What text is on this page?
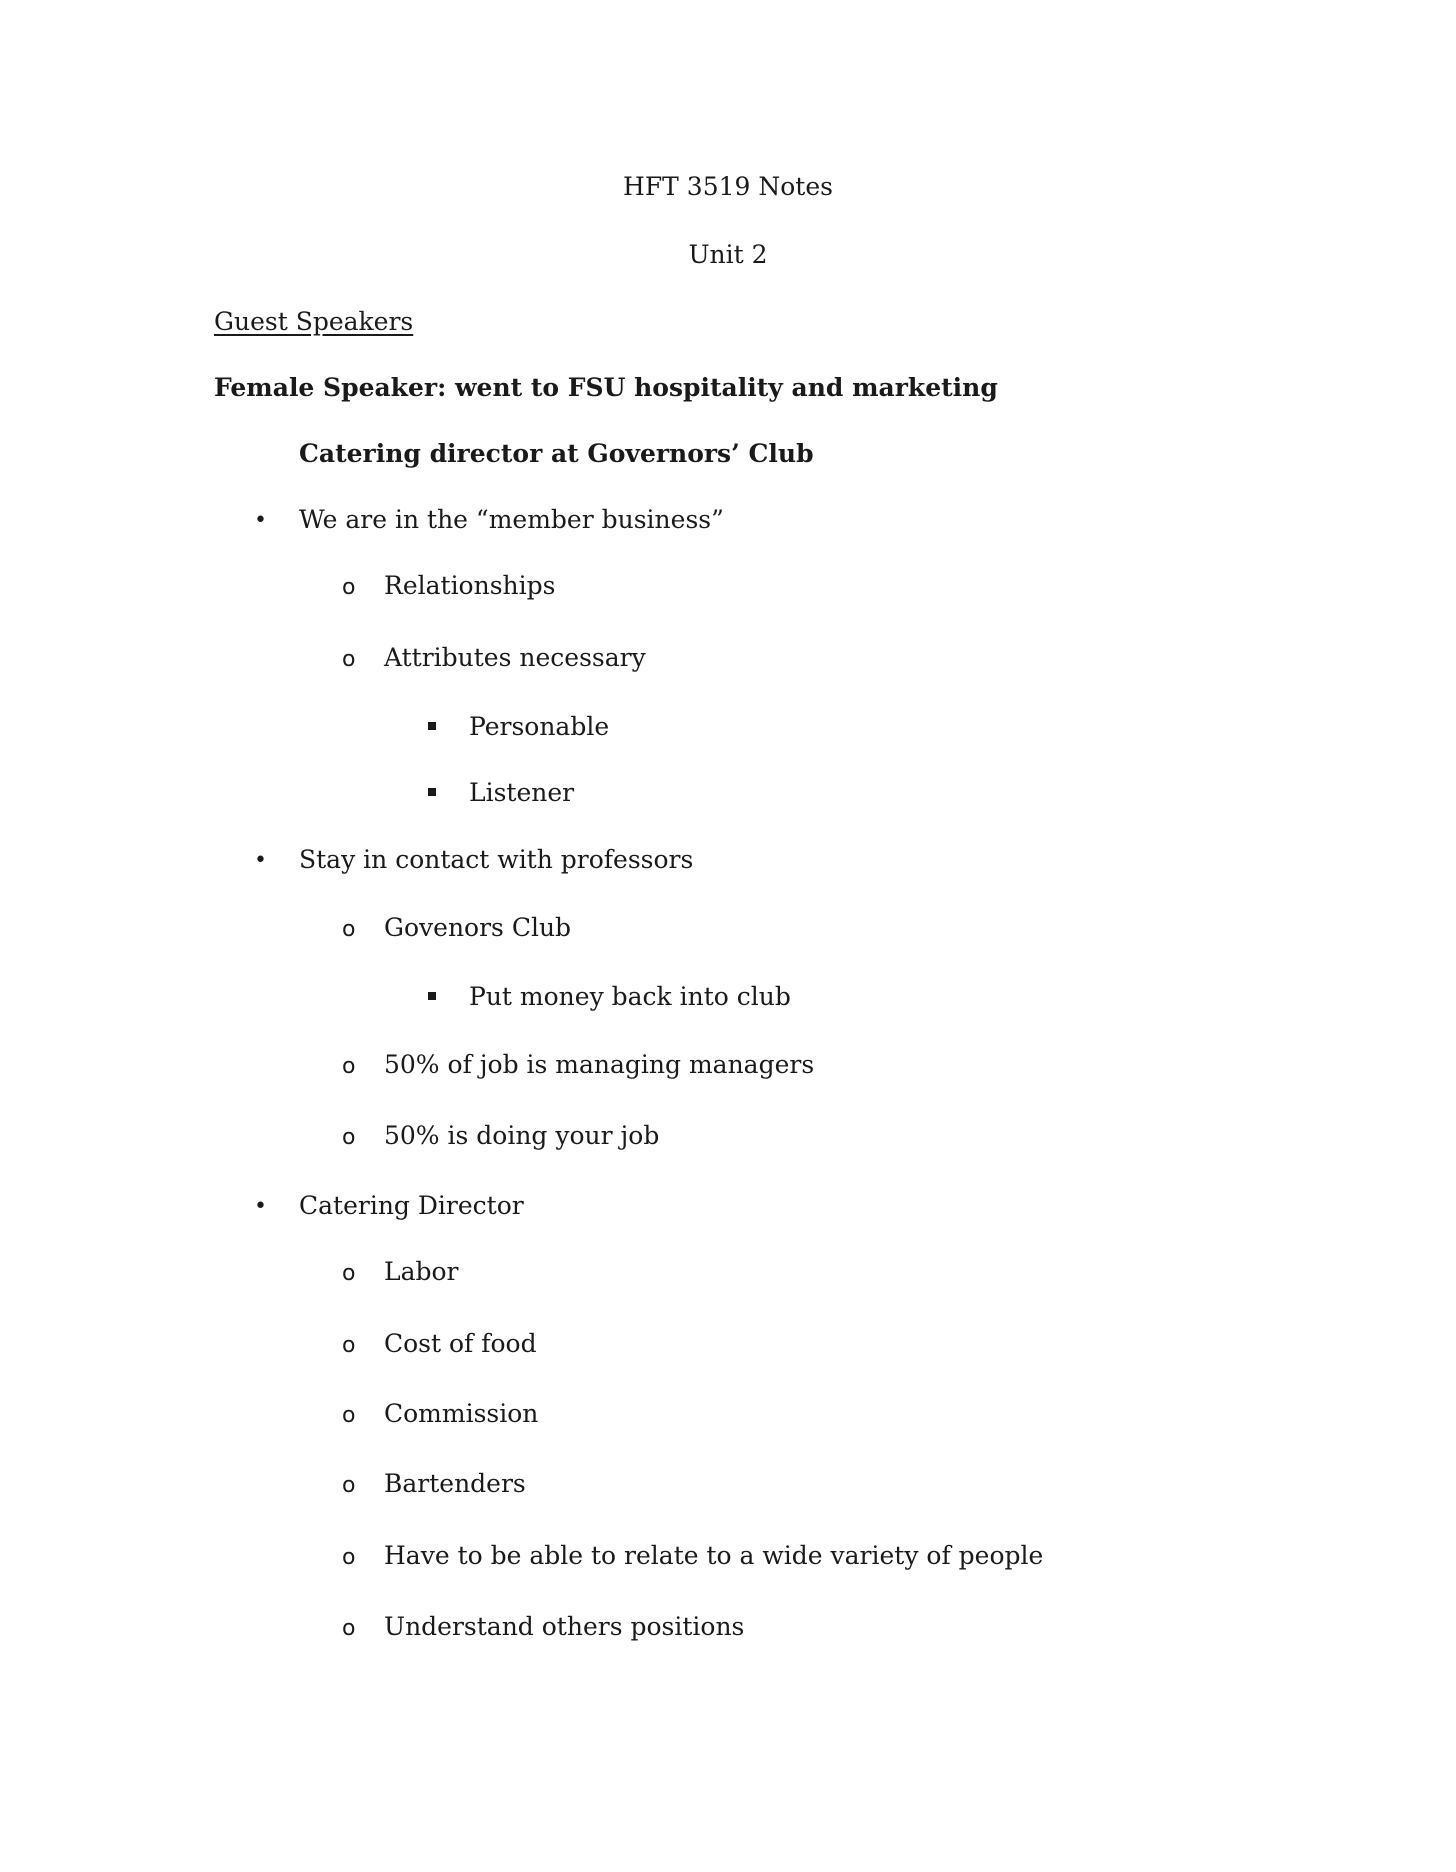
HFT 3519 Notes
Unit 2
Guest Speakers
Female Speaker: went to FSU hospitality and marketing
Catering director at Governors’ Club
• We are in the “member business”
o Relationships
o Attributes necessary
Personable
Listener
• Stay in contact with professors
o Govenors Club
Put money back into club
o 50% of job is managing managers
o 50% is doing your job
• Catering Director
o Labor
o Cost of food
o Commission
o Bartenders
o Have to be able to relate to a wide variety of people
o Understand others positions
